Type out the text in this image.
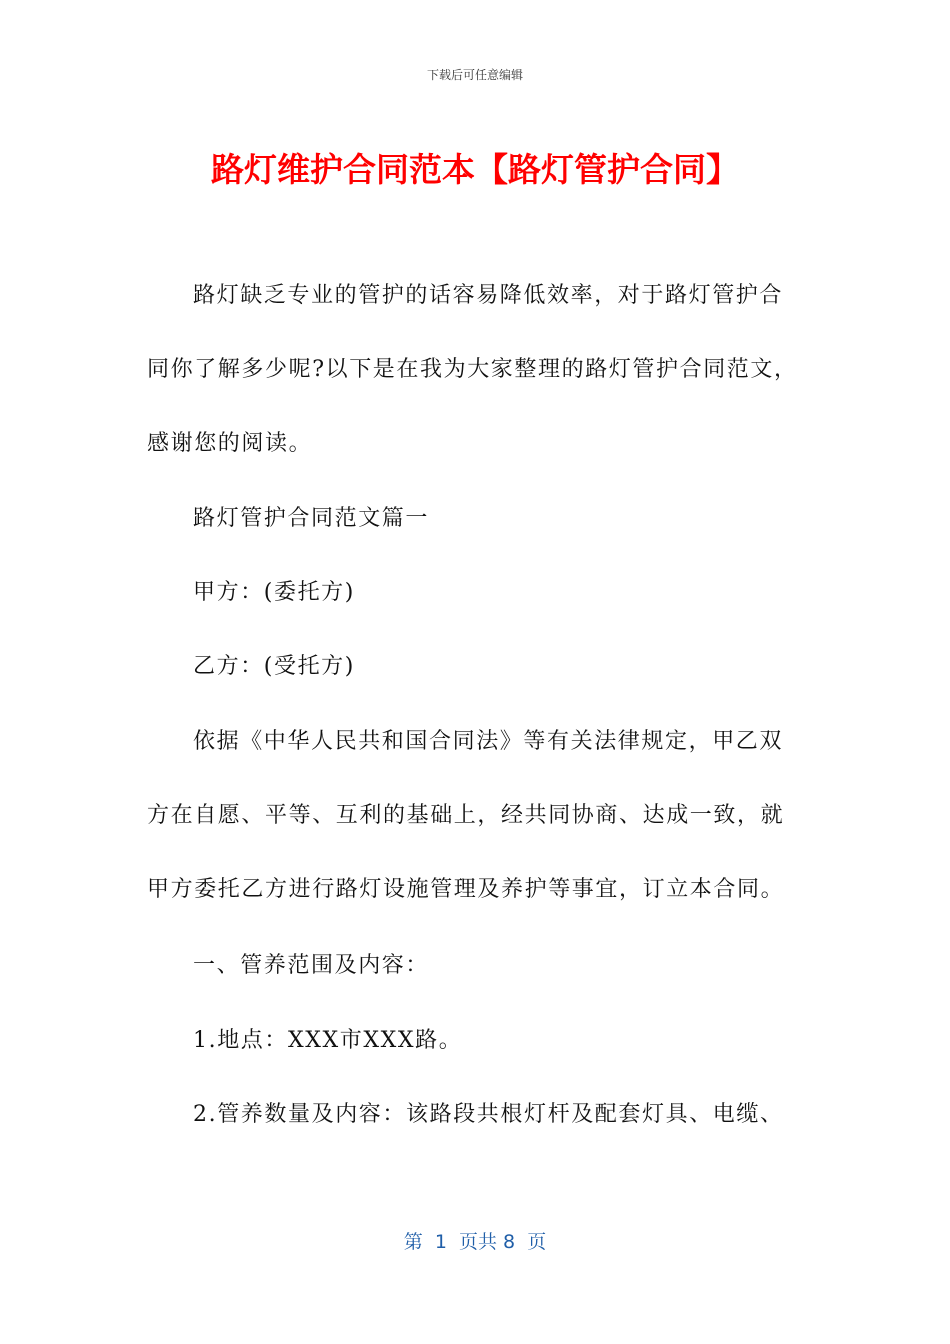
下载后可任意编辑
路灯维护合同范本【路灯管护合同】
路灯缺乏专业的管护的话容易降低效率，对于路灯管护合
同你了解多少呢?以下是在我为大家整理的路灯管护合同范文，
感谢您的阅读。
路灯管护合同范文篇一
甲方：(委托方)
乙方：(受托方)
依据《中华人民共和国合同法》等有关法律规定，甲乙双
方在自愿、平等、互利的基础上，经共同协商、达成一致，就
甲方委托乙方进行路灯设施管理及养护等事宜，订立本合同。
一、管养范围及内容：
1.地点：XXX市XXX路。
2.管养数量及内容：该路段共根灯杆及配套灯具、电缆、
第  1  页共 8  页
